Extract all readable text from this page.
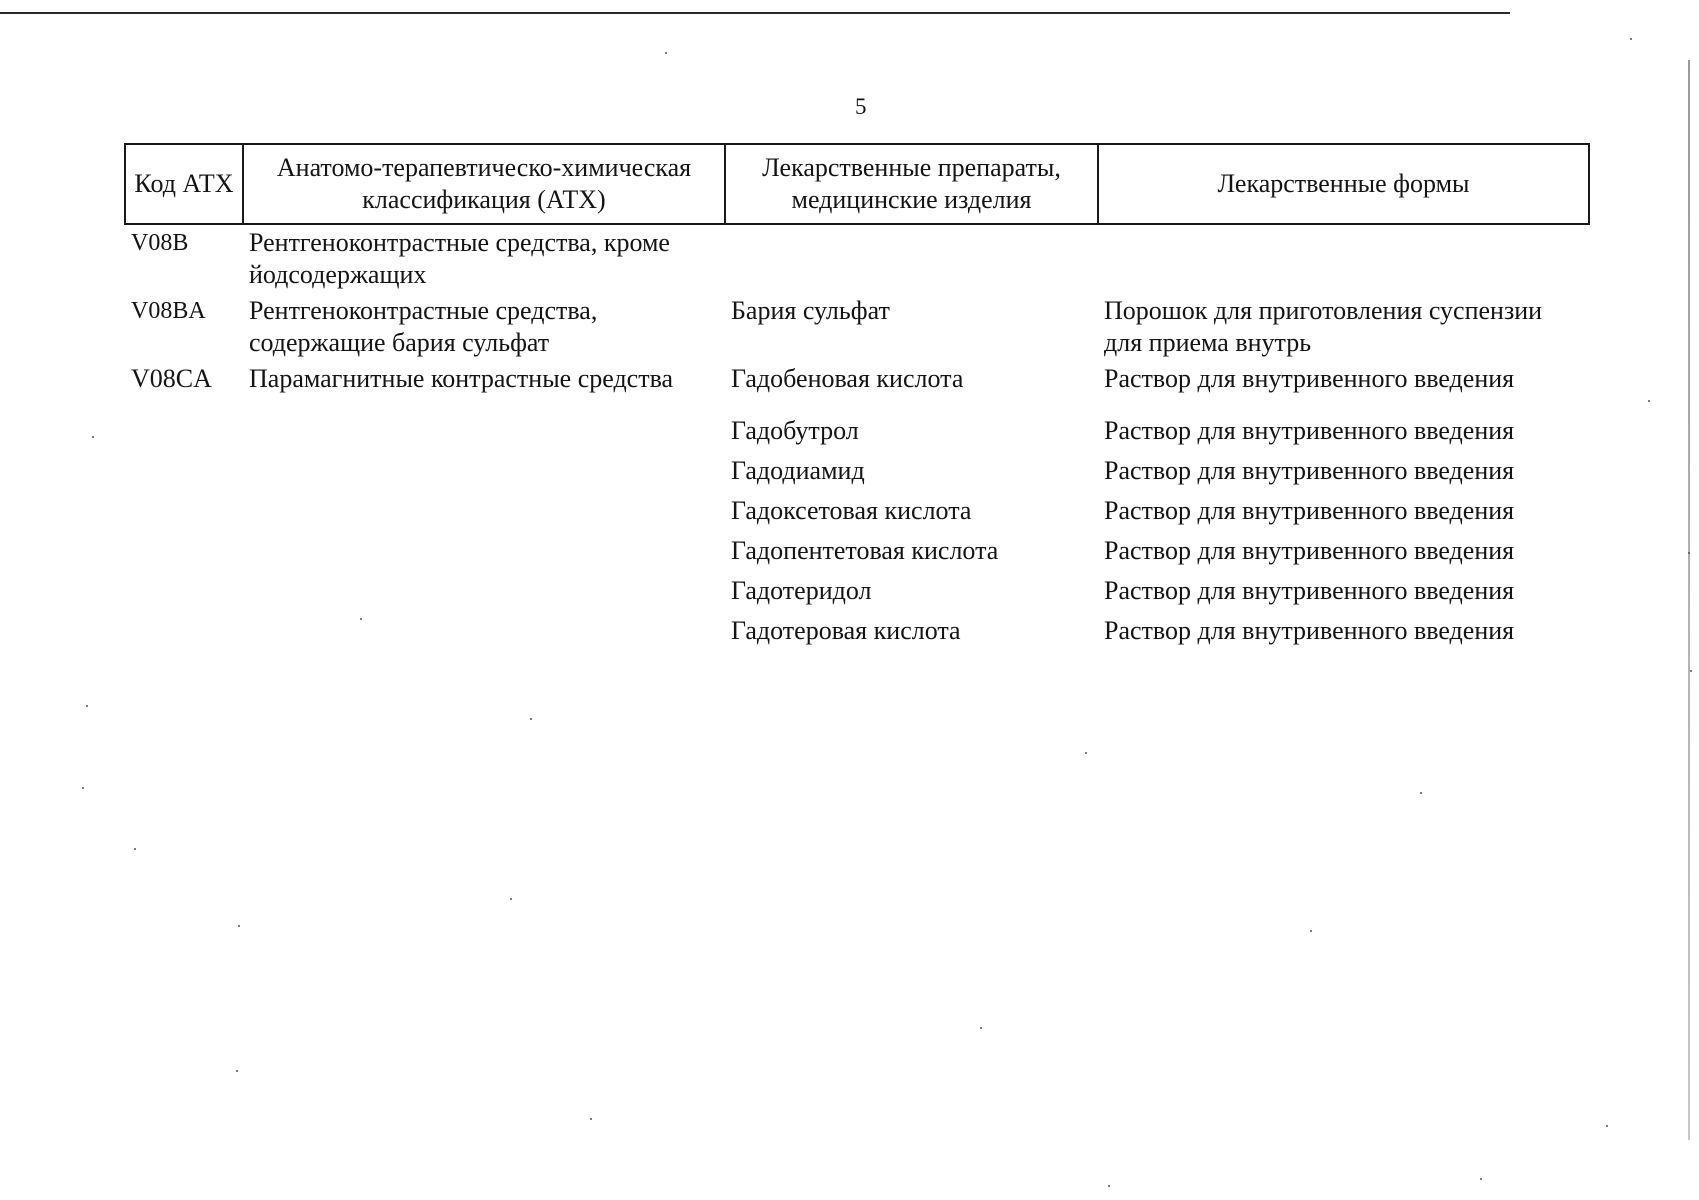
5
Код АТХ	Анатомо-терапевтическо-химическая классификация (АТХ)	Лекарственные препараты, медицинские изделия	Лекарственные формы
V08B	Рентгеноконтрастные средства, кроме йодсодержащих		
V08BA	Рентгеноконтрастные средства, содержащие бария сульфат	Бария сульфат	Порошок для приготовления суспензии для приема внутрь
V08CA	Парамагнитные контрастные средства	Гадобеновая кислота	Раствор для внутривенного введения
		Гадобутрол	Раствор для внутривенного введения
		Гадодиамид	Раствор для внутривенного введения
		Гадоксетовая кислота	Раствор для внутривенного введения
		Гадопентетовая кислота	Раствор для внутривенного введения
		Гадотеридол	Раствор для внутривенного введения
		Гадотеровая кислота	Раствор для внутривенного введения
